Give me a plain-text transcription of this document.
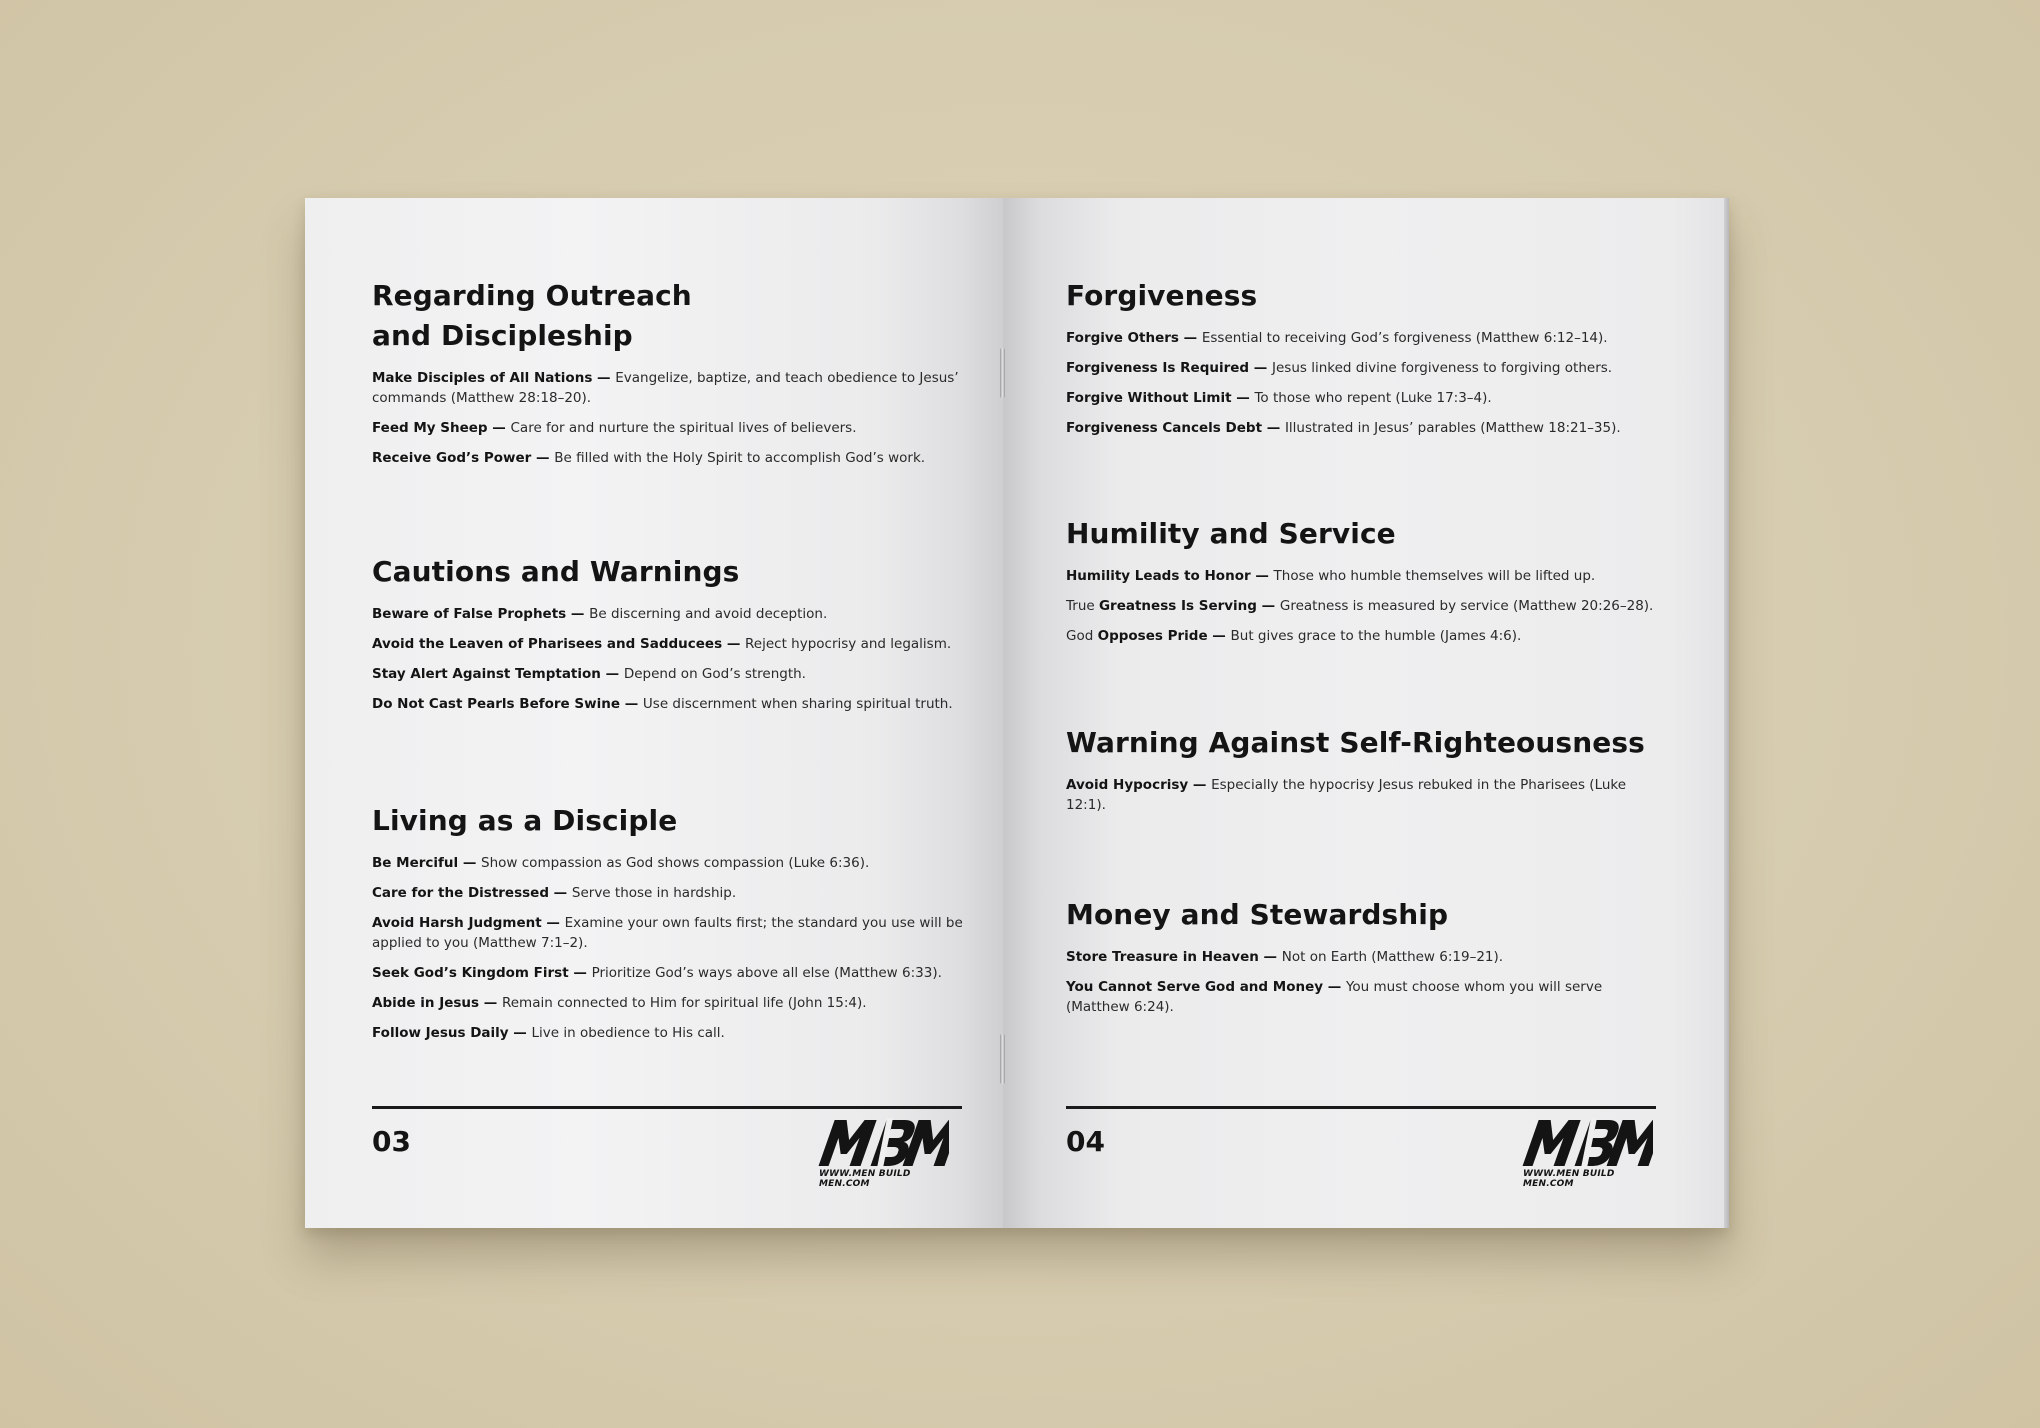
Regarding Outreach and Discipleship

Make Disciples of All Nations — Evangelize, baptize, and teach obedience to Jesus’ commands (Matthew 28:18–20).

Feed My Sheep — Care for and nurture the spiritual lives of believers.

Receive God’s Power — Be filled with the Holy Spirit to accomplish God’s work.

Cautions and Warnings

Beware of False Prophets — Be discerning and avoid deception.

Avoid the Leaven of Pharisees and Sadducees — Reject hypocrisy and legalism.

Stay Alert Against Temptation — Depend on God’s strength.

Do Not Cast Pearls Before Swine — Use discernment when sharing spiritual truth.

Living as a Disciple

Be Merciful — Show compassion as God shows compassion (Luke 6:36).

Care for the Distressed — Serve those in hardship.

Avoid Harsh Judgment — Examine your own faults first; the standard you use will be applied to you (Matthew 7:1–2).

Seek God’s Kingdom First — Prioritize God’s ways above all else (Matthew 6:33).

Abide in Jesus — Remain connected to Him for spiritual life (John 15:4).

Follow Jesus Daily — Live in obedience to His call.

03
WWW.MEN BUILD MEN.COM
Forgiveness

Forgive Others — Essential to receiving God’s forgiveness (Matthew 6:12–14).

Forgiveness Is Required — Jesus linked divine forgiveness to forgiving others.

Forgive Without Limit — To those who repent (Luke 17:3–4).

Forgiveness Cancels Debt — Illustrated in Jesus’ parables (Matthew 18:21–35).

Humility and Service

Humility Leads to Honor — Those who humble themselves will be lifted up.

True Greatness Is Serving — Greatness is measured by service (Matthew 20:26–28).

God Opposes Pride — But gives grace to the humble (James 4:6).

Warning Against Self-Righteousness

Avoid Hypocrisy — Especially the hypocrisy Jesus rebuked in the Pharisees (Luke 12:1).

Money and Stewardship

Store Treasure in Heaven — Not on Earth (Matthew 6:19–21).

You Cannot Serve God and Money — You must choose whom you will serve (Matthew 6:24).

04
WWW.MEN BUILD MEN.COM
